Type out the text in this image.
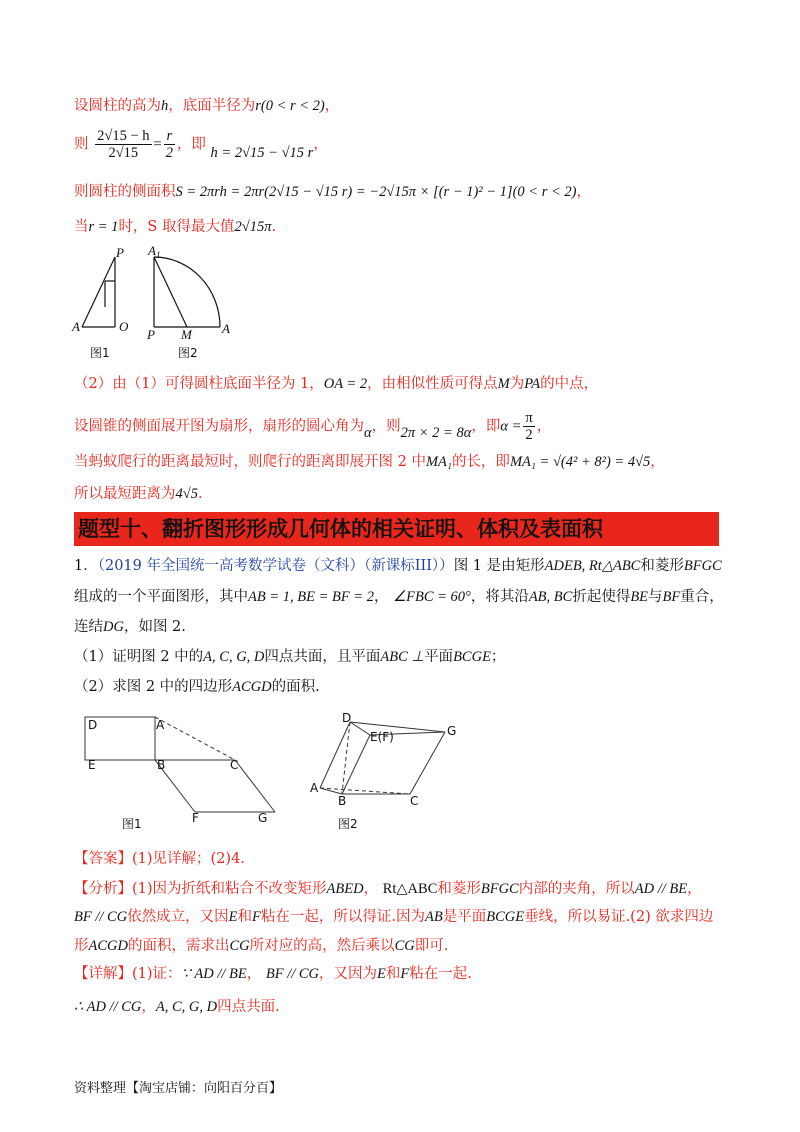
设圆柱的高为h，底面半径为r(0 < r < 2)，
则 $\frac{2√15 - h}{2√15} = \frac{r}{2}$ ，即 h = 2√15 − √15 r，
则圆柱的侧面积S = 2πrh = 2πr(2√15 − √15 r) = −2√15π × [(r − 1)² − 1](0 < r < 2)，
当r = 1时，S 取得最大值2√15π.
P
A	O
图1
$A_1$
P M A
图2
（2）由（1）可得圆柱底面半径为 1，OA = 2，由相似性质可得点M为PA的中点，
设圆锥的侧面展开图为扇形，扇形的圆心角为α，则2π × 2 = 8α，即$\alpha = \frac{\pi}{2}$ ，
当蚂蚁爬行的距离最短时，则爬行的距离即展开图 2 中MA₁的长，即MA₁ = √(4² + 8²) = 4√5，
所以最短距离为4√5.
题型十、翻折图形形成几何体的相关证明、体积及表面积
1．（2019 年全国统一高考数学试卷（文科）（新课标III））图 1 是由矩形ADEB, Rt△ABC和菱形BFGC
组成的一个平面图形，其中AB = 1, BE = BF = 2， ∠FBC = 60°，将其沿AB, BC折起使得BE与BF重合，
连结DG，如图 2.
（1）证明图 2 中的A, C, G, D四点共面，且平面ABC ⊥平面BCGE；
（2）求图 2 中的四边形ACGD的面积.
D	A
E	B	C
F	G
图1
D
E(F)	G
A
B	C
图2
【答案】(1)见详解；(2)4.
【分析】(1)因为折纸和粘合不改变矩形ABED， Rt△ABC和菱形BFGC内部的夹角，所以AD // BE，
BF // CG依然成立，又因E和F粘在一起，所以得证.因为AB是平面BCGE垂线，所以易证.(2) 欲求四边
形ACGD的面积，需求出CG所对应的高，然后乘以CG即可.
【详解】(1)证：∵ AD // BE， BF // CG，又因为E和F粘在一起.
∴ AD // CG，A, C, G, D四点共面.
资料整理【淘宝店铺：向阳百分百】
